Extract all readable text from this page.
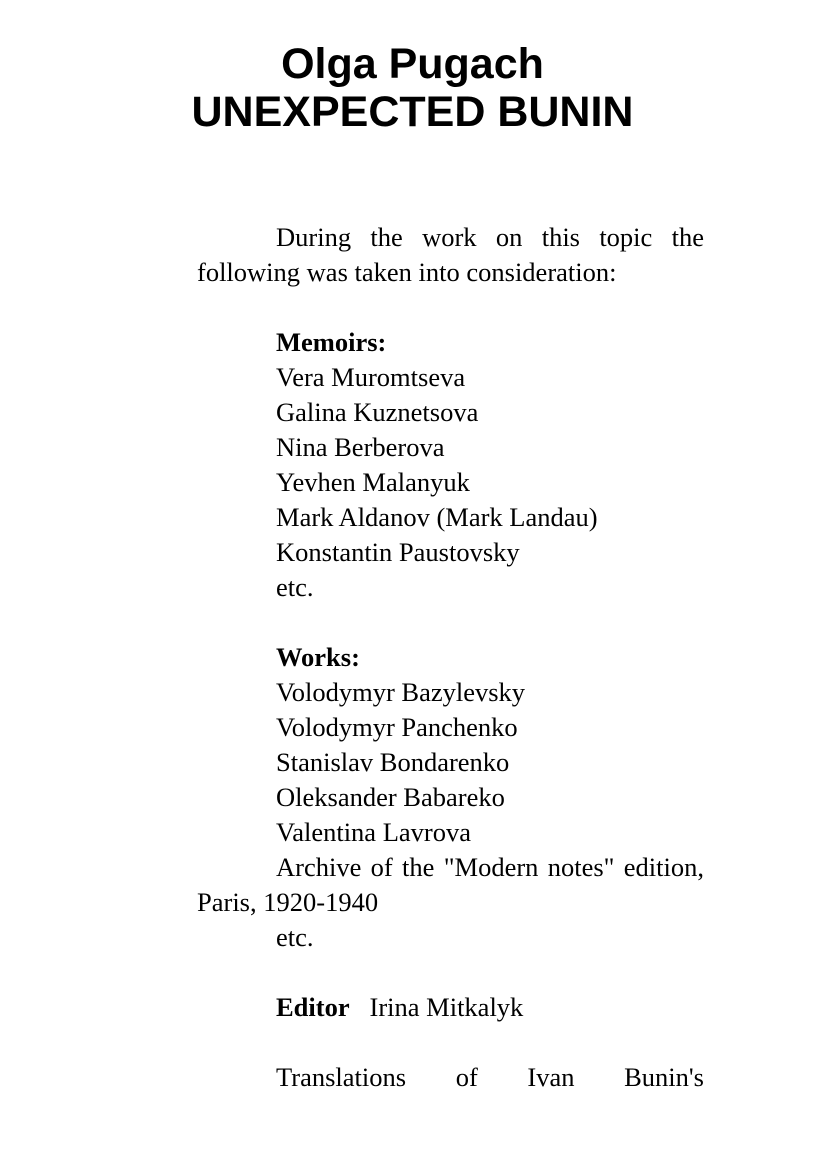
Olga Pugach
UNEXPECTED BUNIN

During the work on this topic the following was taken into consideration:

Memoirs:
Vera Muromtseva
Galina Kuznetsova
Nina Berberova
Yevhen Malanyuk
Mark Aldanov (Mark Landau)
Konstantin Paustovsky
etc.
Works:
Volodymyr Bazylevsky
Volodymyr Panchenko
Stanislav Bondarenko
Oleksander Babareko
Valentina Lavrova

Archive of the "Modern notes" edition, Paris, 1920-1940

etc.
Editor Irina Mitkalyk

Translations of Ivan Bunin's
